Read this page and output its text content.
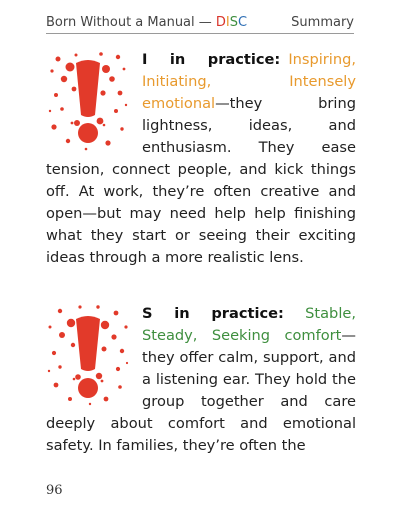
Born Without a Manual — DISC	Summary

I in practice: Inspiring, Initiating, Intensely emotional—they bring lightness, ideas, and enthusiasm. They ease tension, connect people, and kick things off. At work, they’re often creative and open—but may need help help finishing what they start or seeing their exciting ideas through a more realistic lens.

S in practice: Stable, Steady, Seeking comfort—they offer calm, support, and a listening ear. They hold the group together and care deeply about comfort and emotional safety. In families, they’re often the

96
